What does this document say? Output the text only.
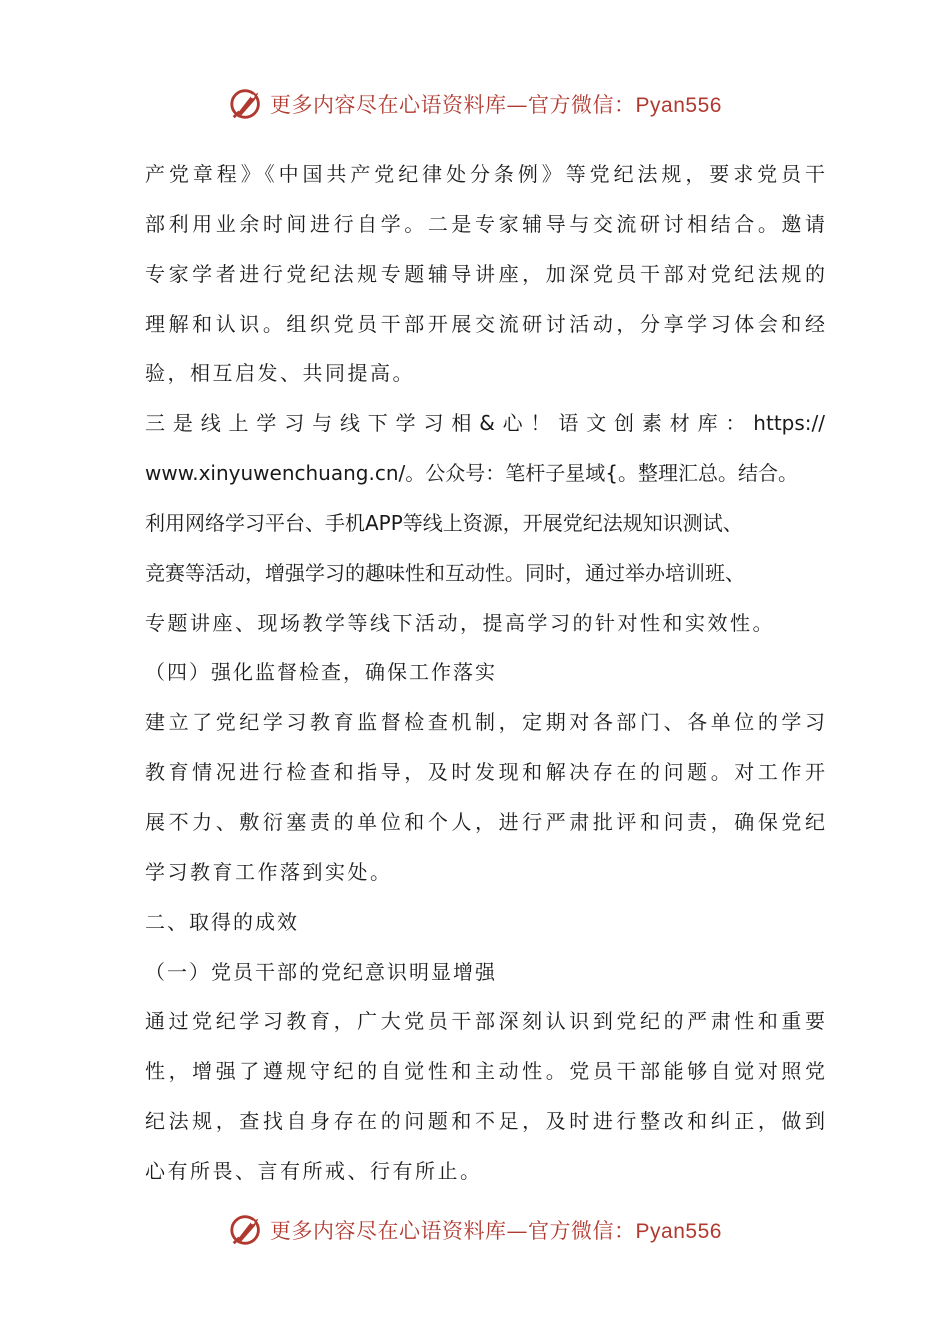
更多内容尽在心语资料库—官方微信：Pyan556
产党章程》《中国共产党纪律处分条例》等党纪法规，要求党员干
部利用业余时间进行自学。二是专家辅导与交流研讨相结合。邀请
专家学者进行党纪法规专题辅导讲座，加深党员干部对党纪法规的
理解和认识。组织党员干部开展交流研讨活动，分享学习体会和经
验，相互启发、共同提高。
三是线上学习与线下学习相&心！语文创素材库：https://
www.xinyuwenchuang.cn/。公众号：笔杆子星域{。整理汇总。结合。
利用网络学习平台、手机APP等线上资源，开展党纪法规知识测试、
竞赛等活动，增强学习的趣味性和互动性。同时，通过举办培训班、
专题讲座、现场教学等线下活动，提高学习的针对性和实效性。
（四）强化监督检查，确保工作落实
建立了党纪学习教育监督检查机制，定期对各部门、各单位的学习
教育情况进行检查和指导，及时发现和解决存在的问题。对工作开
展不力、敷衍塞责的单位和个人，进行严肃批评和问责，确保党纪
学习教育工作落到实处。
二、取得的成效
（一）党员干部的党纪意识明显增强
通过党纪学习教育，广大党员干部深刻认识到党纪的严肃性和重要
性，增强了遵规守纪的自觉性和主动性。党员干部能够自觉对照党
纪法规，查找自身存在的问题和不足，及时进行整改和纠正，做到
心有所畏、言有所戒、行有所止。
更多内容尽在心语资料库—官方微信：Pyan556
